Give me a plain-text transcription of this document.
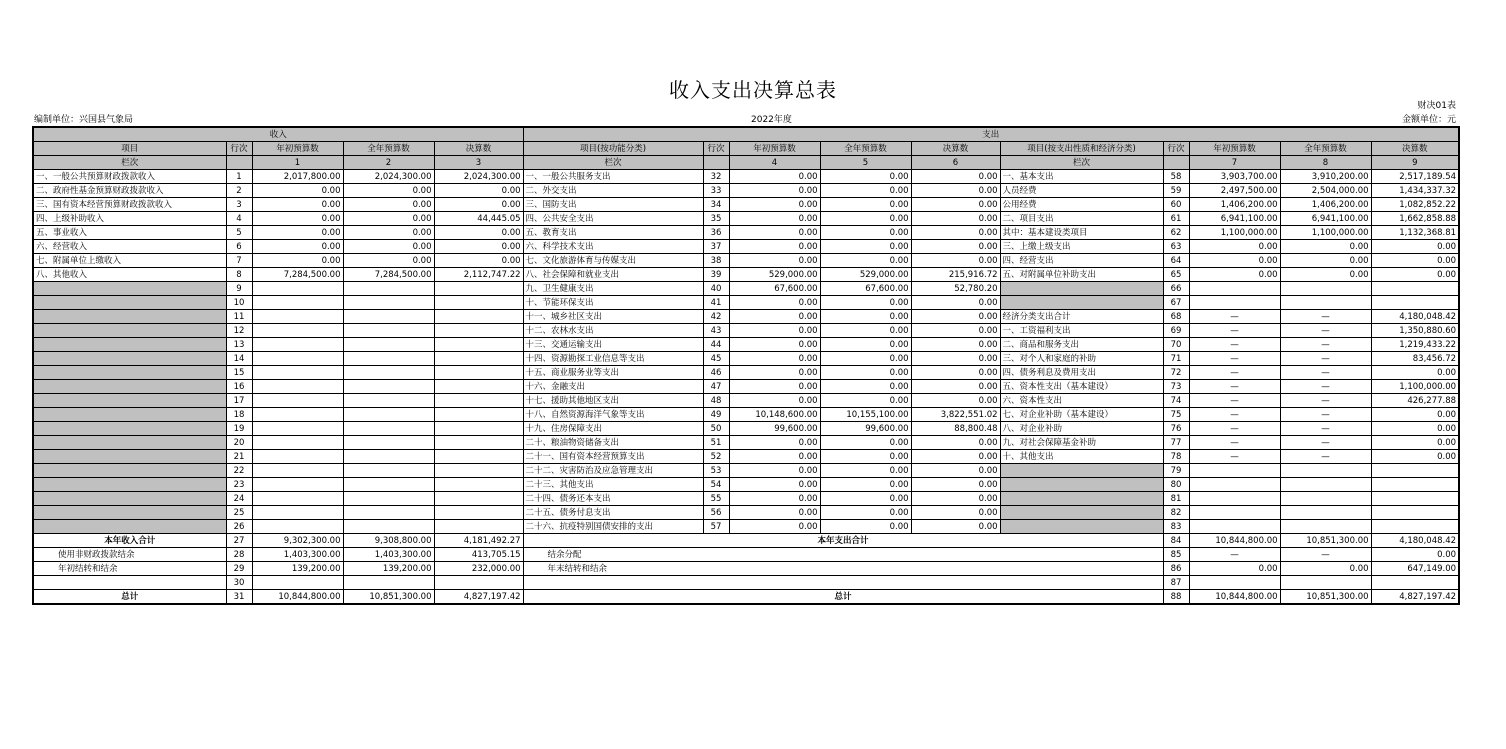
收入支出决算总表
财决01表
编制单位：兴国县气象局	2022年度	金额单位：元
收入					支出									
项目	行次	年初预算数	全年预算数	决算数	项目(按功能分类)	行次	年初预算数	全年预算数	决算数	项目(按支出性质和经济分类)	行次	年初预算数	全年预算数	决算数
栏次		1	2	3	栏次		4	5	6	栏次		7	8	9
一、一般公共预算财政拨款收入	1	2,017,800.00	2,024,300.00	2,024,300.00	一、一般公共服务支出	32	0.00	0.00	0.00	一、基本支出	58	3,903,700.00	3,910,200.00	2,517,189.54
二、政府性基金预算财政拨款收入	2	0.00	0.00	0.00	二、外交支出	33	0.00	0.00	0.00	人员经费	59	2,497,500.00	2,504,000.00	1,434,337.32
三、国有资本经营预算财政拨款收入	3	0.00	0.00	0.00	三、国防支出	34	0.00	0.00	0.00	公用经费	60	1,406,200.00	1,406,200.00	1,082,852.22
四、上级补助收入	4	0.00	0.00	44,445.05	四、公共安全支出	35	0.00	0.00	0.00	二、项目支出	61	6,941,100.00	6,941,100.00	1,662,858.88
五、事业收入	5	0.00	0.00	0.00	五、教育支出	36	0.00	0.00	0.00	其中：基本建设类项目	62	1,100,000.00	1,100,000.00	1,132,368.81
六、经营收入	6	0.00	0.00	0.00	六、科学技术支出	37	0.00	0.00	0.00	三、上缴上级支出	63	0.00	0.00	0.00
七、附属单位上缴收入	7	0.00	0.00	0.00	七、文化旅游体育与传媒支出	38	0.00	0.00	0.00	四、经营支出	64	0.00	0.00	0.00
八、其他收入	8	7,284,500.00	7,284,500.00	2,112,747.22	八、社会保障和就业支出	39	529,000.00	529,000.00	215,916.72	五、对附属单位补助支出	65	0.00	0.00	0.00
	9				九、卫生健康支出	40	67,600.00	67,600.00	52,780.20		66			
	10				十、节能环保支出	41	0.00	0.00	0.00		67			
	11				十一、城乡社区支出	42	0.00	0.00	0.00	经济分类支出合计	68	—	—	4,180,048.42
	12				十二、农林水支出	43	0.00	0.00	0.00	一、工资福利支出	69	—	—	1,350,880.60
	13				十三、交通运输支出	44	0.00	0.00	0.00	二、商品和服务支出	70	—	—	1,219,433.22
	14				十四、资源勘探工业信息等支出	45	0.00	0.00	0.00	三、对个人和家庭的补助	71	—	—	83,456.72
	15				十五、商业服务业等支出	46	0.00	0.00	0.00	四、债务利息及费用支出	72	—	—	0.00
	16				十六、金融支出	47	0.00	0.00	0.00	五、资本性支出（基本建设）	73	—	—	1,100,000.00
	17				十七、援助其他地区支出	48	0.00	0.00	0.00	六、资本性支出	74	—	—	426,277.88
	18				十八、自然资源海洋气象等支出	49	10,148,600.00	10,155,100.00	3,822,551.02	七、对企业补助（基本建设）	75	—	—	0.00
	19				十九、住房保障支出	50	99,600.00	99,600.00	88,800.48	八、对企业补助	76	—	—	0.00
	20				二十、粮油物资储备支出	51	0.00	0.00	0.00	九、对社会保障基金补助	77	—	—	0.00
	21				二十一、国有资本经营预算支出	52	0.00	0.00	0.00	十、其他支出	78	—	—	0.00
	22				二十二、灾害防治及应急管理支出	53	0.00	0.00	0.00		79			
	23				二十三、其他支出	54	0.00	0.00	0.00		80			
	24				二十四、债务还本支出	55	0.00	0.00	0.00		81			
	25				二十五、债务付息支出	56	0.00	0.00	0.00		82			
	26				二十六、抗疫特别国债安排的支出	57	0.00	0.00	0.00		83			
本年收入合计	27	9,302,300.00	9,308,800.00	4,181,492.27	本年支出合计						84	10,844,800.00	10,851,300.00	4,180,048.42
使用非财政拨款结余	28	1,403,300.00	1,403,300.00	413,705.15	结余分配						85	—	—	0.00
年初结转和结余	29	139,200.00	139,200.00	232,000.00	年末结转和结余						86	0.00	0.00	647,149.00
	30										87			
总计	31	10,844,800.00	10,851,300.00	4,827,197.42	总计						88	10,844,800.00	10,851,300.00	4,827,197.42
